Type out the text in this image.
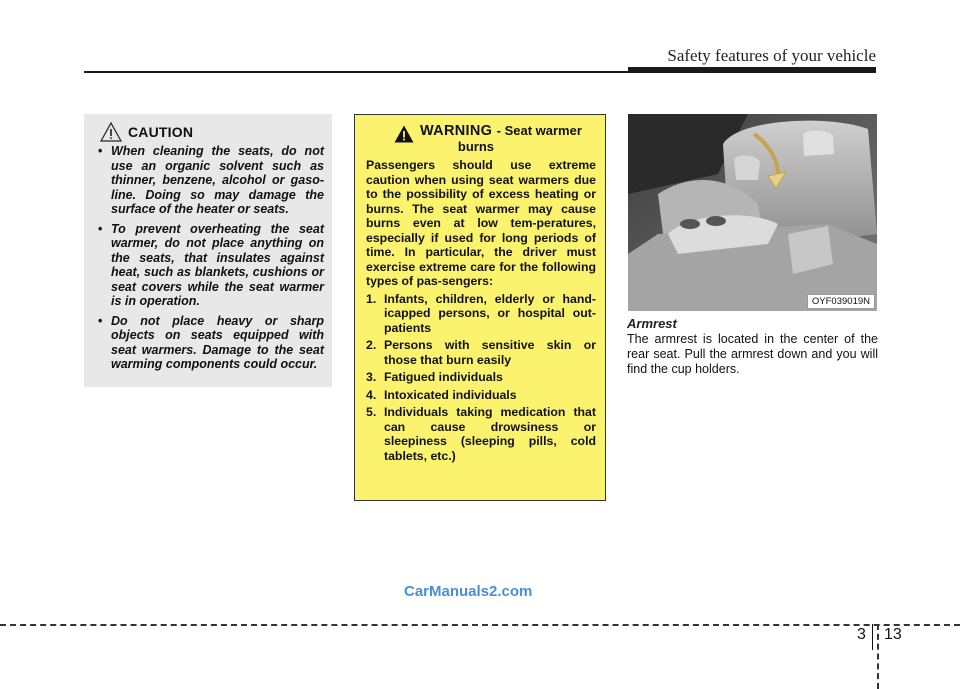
Safety features of your vehicle
CAUTION
• When cleaning the seats, do not use an organic solvent such as thinner, benzene, alcohol or gaso-line. Doing so may damage the surface of the heater or seats.
• To prevent overheating the seat warmer, do not place anything on the seats, that insulates against heat, such as blankets, cushions or seat covers while the seat warmer is in operation.
• Do not place heavy or sharp objects on seats equipped with seat warmers. Damage to the seat warming components could occur.
WARNING - Seat warmer
burns

Passengers should use extreme caution when using seat warmers due to the possibility of excess heating or burns. The seat warmer may cause burns even at low tem-peratures, especially if used for long periods of time. In particular, the driver must exercise extreme care for the following types of pas-sengers:

1. Infants, children, elderly or hand-icapped persons, or hospital out-patients
2. Persons with sensitive skin or those that burn easily
3. Fatigued individuals
4. Intoxicated individuals
5. Individuals taking medication that can cause drowsiness or sleepiness (sleeping pills, cold tablets, etc.)
OYF039019N
Armrest

The armrest is located in the center of the rear seat. Pull the armrest down and you will find the cup holders.

CarManuals2.com
3 13
